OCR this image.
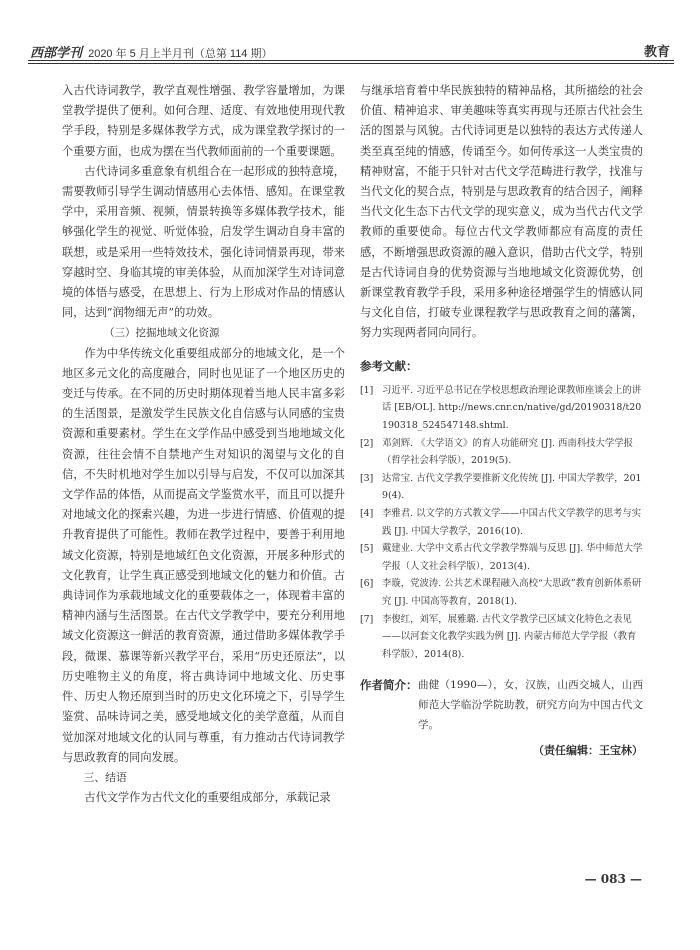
西部学刊 2020 年 5 月上半月刊（总第 114 期）	教育

入古代诗词教学，教学直观性增强、教学容量增加，为课堂教学提供了便利。如何合理、适度、有效地使用现代教学手段，特别是多媒体教学方式，成为课堂教学探讨的一个重要方面，也成为摆在当代教师面前的一个重要课题。

古代诗词多重意象有机组合在一起形成的独特意境，需要教师引导学生调动情感用心去体悟、感知。在课堂教学中，采用音频、视频，情景转换等多媒体教学技术，能够强化学生的视觉、听觉体验，启发学生调动自身丰富的联想，或是采用一些特效技术，强化诗词情景再现，带来穿越时空、身临其境的审美体验，从而加深学生对诗词意境的体悟与感受，在思想上、行为上形成对作品的情感认同，达到“润物细无声”的功效。

（三）挖掘地域文化资源

作为中华传统文化重要组成部分的地域文化，是一个地区多元文化的高度融合，同时也见证了一个地区历史的变迁与传承。在不同的历史时期体现着当地人民丰富多彩的生活图景，是激发学生民族文化自信感与认同感的宝贵资源和重要素材。学生在文学作品中感受到当地地域文化资源，往往会情不自禁地产生对知识的渴望与文化的自信，不失时机地对学生加以引导与启发，不仅可以加深其文学作品的体悟，从而提高文学鉴赏水平，而且可以提升对地域文化的探索兴趣，为进一步进行情感、价值观的提升教育提供了可能性。教师在教学过程中，要善于利用地域文化资源，特别是地域红色文化资源，开展多种形式的文化教育，让学生真正感受到地域文化的魅力和价值。古典诗词作为承载地域文化的重要载体之一，体现着丰富的精神内涵与生活图景。在古代文学教学中，要充分利用地域文化资源这一鲜活的教育资源，通过借助多媒体教学手段，微课、慕课等新兴教学平台，采用“历史还原法”，以历史唯物主义的角度，将古典诗词中地域文化、历史事件、历史人物还原到当时的历史文化环境之下，引导学生鉴赏、品味诗词之美，感受地域文化的美学意蕴，从而自觉加深对地域文化的认同与尊重，有力推动古代诗词教学与思政教育的同向发展。

三、结语

古代文学作为古代文化的重要组成部分，承载记录

与继承培育着中华民族独特的精神品格，其所描绘的社会价值、精神追求、审美趣味等真实再现与还原古代社会生活的图景与风貌。古代诗词更是以独特的表达方式传递人类至真至纯的情感，传诵至今。如何传承这一人类宝贵的精神财富，不能于只针对古代文学范畴进行教学，找准与当代文化的契合点，特别是与思政教育的结合因子，阐释当代文化生态下古代文学的现实意义，成为当代古代文学教师的重要使命。每位古代文学教师都应有高度的责任感，不断增强思政资源的融入意识，借助古代文学，特别是古代诗词自身的优势资源与当地地域文化资源优势，创新课堂教育教学手段，采用多种途径增强学生的情感认同与文化自信，打破专业课程教学与思政教育之间的藩篱，努力实现两者同向同行。

参考文献：
[1] 习近平. 习近平总书记在学校思想政治理论课教师座谈会上的讲话 [EB/OL]. http://news.cnr.cn/native/gd/20190318/t20190318_524547148.shtml.
[2] 邓剑辉. 《大学语文》的育人功能研究 [J]. 西南科技大学学报（哲学社会科学版），2019(5).
[3] 达常宝. 古代文学教学要推新文化传统 [J]. 中国大学教学，2019(4).
[4] 李雅君. 以文学的方式教文学——中国古代文学教学的思考与实践 [J]. 中国大学教学，2016(10).
[5] 戴建业. 大学中文系古代文学教学弊端与反思 [J]. 华中师范大学学报（人文社会科学版），2013(4).
[6] 李璇，党波涛. 公共艺术课程融入高校“大思政”教育创新体系研究 [J]. 中国高等教育，2018(1).
[7] 李俊红，刘军，展雅璐. 古代文学教学已区域文化特色之表见——以河套文化教学实践为例 [J]. 内蒙古师范大学学报（教育科学版），2014(8).
作者简介： 曲健（1990—），女，汉族，山西交城人，山西师范大学临汾学院助教，研究方向为中国古代文学。
（责任编辑：王宝林）
— 083 —
